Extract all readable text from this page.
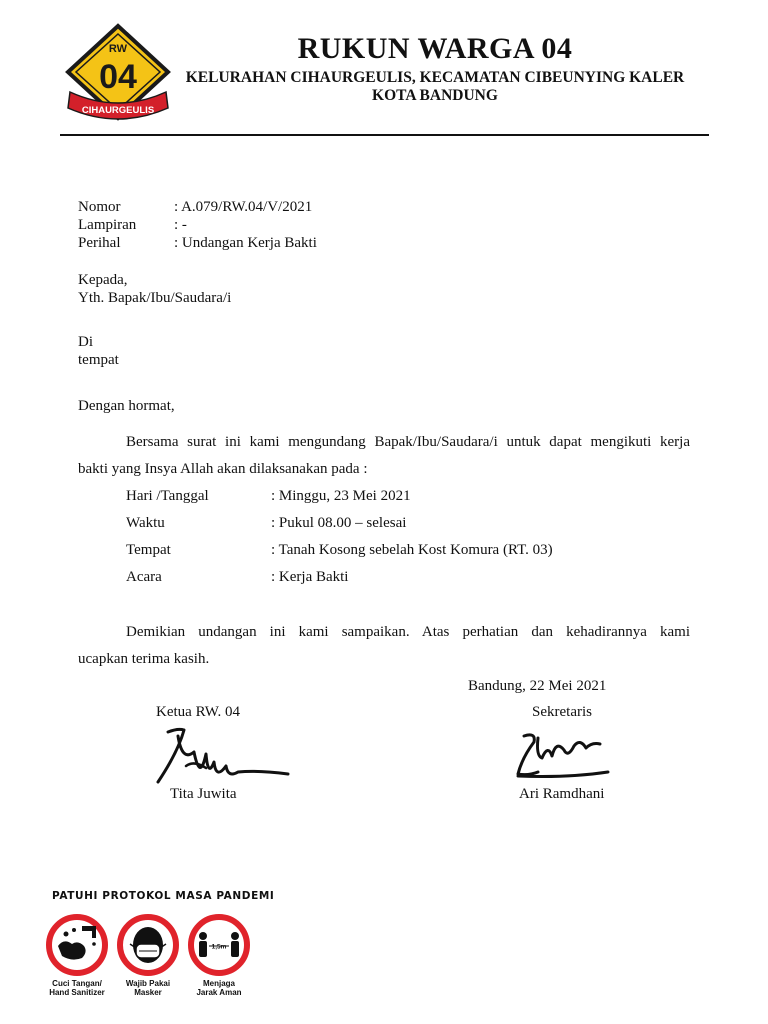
RW
04
CIHAURGEULIS
RUKUN WARGA 04
KELURAHAN CIHAURGEULIS, KECAMATAN CIBEUNYING KALER
KOTA BANDUNG
Nomor	: A.079/RW.04/V/2021
Lampiran	: -
Perihal	: Undangan Kerja Bakti
Kepada,
Yth. Bapak/Ibu/Saudara/i
Di
tempat
Dengan hormat,
Bersama surat ini kami mengundang Bapak/Ibu/Saudara/i untuk dapat mengikuti kerja
bakti yang Insya Allah akan dilaksanakan pada :
Hari /Tanggal	: Minggu, 23 Mei 2021
Waktu	: Pukul 08.00 – selesai
Tempat	: Tanah Kosong sebelah Kost Komura (RT. 03)
Acara	: Kerja Bakti
Demikian undangan ini kami sampaikan. Atas perhatian dan kehadirannya kami
ucapkan terima kasih.
Bandung, 22 Mei 2021
Ketua RW. 04	Sekretaris
Tita Juwita	Ari Ramdhani
PATUHI PROTOKOL MASA PANDEMI
1,5m
Cuci Tangan/
Hand Sanitizer
Wajib Pakai
Masker
Menjaga
Jarak Aman
